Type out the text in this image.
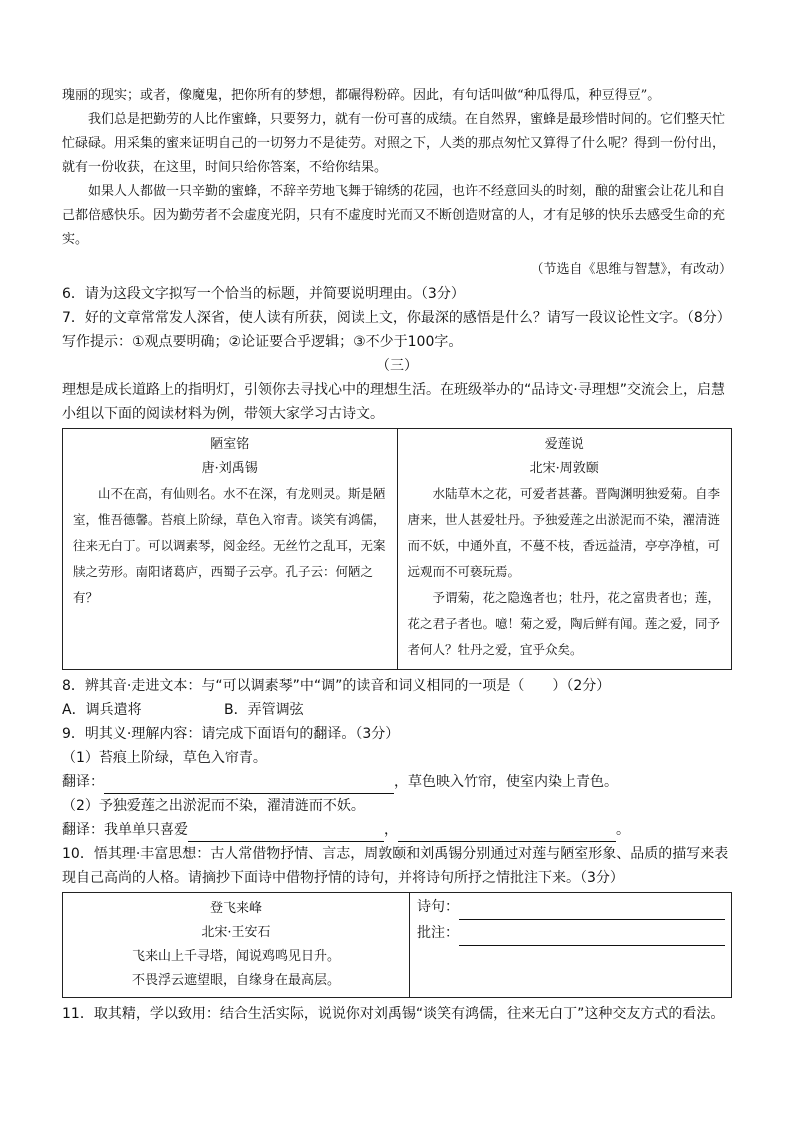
瑰丽的现实；或者，像魔鬼，把你所有的梦想，都碾得粉碎。因此，有句话叫做“种瓜得瓜，种豆得豆”。

我们总是把勤劳的人比作蜜蜂，只要努力，就有一份可喜的成绩。在自然界，蜜蜂是最珍惜时间的。它们整天忙忙碌碌。用采集的蜜来证明自己的一切努力不是徒劳。对照之下，人类的那点匆忙又算得了什么呢？得到一份付出，就有一份收获，在这里，时间只给你答案，不给你结果。

如果人人都做一只辛勤的蜜蜂，不辞辛劳地飞舞于锦绣的花园，也许不经意回头的时刻，酿的甜蜜会让花儿和自己都倍感快乐。因为勤劳者不会虚度光阴，只有不虚度时光而又不断创造财富的人，才有足够的快乐去感受生命的充实。

（节选自《思维与智慧》，有改动）

6．请为这段文字拟写一个恰当的标题，并简要说明理由。（3分）

7．好的文章常常发人深省，使人读有所获，阅读上文，你最深的感悟是什么？请写一段议论性文字。（8分）

写作提示：①观点要明确；②论证要合乎逻辑；③不少于100字。

（三）

理想是成长道路上的指明灯，引领你去寻找心中的理想生活。在班级举办的“品诗文·寻理想”交流会上，启慧小组以下面的阅读材料为例，带领大家学习古诗文。

陋室铭
唐·刘禹锡

山不在高，有仙则名。水不在深，有龙则灵。斯是陋室，惟吾德馨。苔痕上阶绿，草色入帘青。谈笑有鸿儒，往来无白丁。可以调素琴，阅金经。无丝竹之乱耳，无案牍之劳形。南阳诸葛庐，西蜀子云亭。孔子云：何陋之有？

爱莲说
北宋·周敦颐

水陆草木之花，可爱者甚蕃。晋陶渊明独爱菊。自李唐来，世人甚爱牡丹。予独爱莲之出淤泥而不染，濯清涟而不妖，中通外直，不蔓不枝，香远益清，亭亭净植，可远观而不可亵玩焉。

予谓菊，花之隐逸者也；牡丹，花之富贵者也；莲，花之君子者也。噫！菊之爱，陶后鲜有闻。莲之爱，同予者何人？牡丹之爱，宜乎众矣。

8．辨其音·走进文本：与“可以调素琴”中“调”的读音和词义相同的一项是（　　）（2分）

A．调兵遣将	B．弄管调弦

9．明其义·理解内容：请完成下面语句的翻译。（3分）

（1）苔痕上阶绿，草色入帘青。

翻译：	，草色映入竹帘，使室内染上青色。

（2）予独爱莲之出淤泥而不染，濯清涟而不妖。

翻译：我单单只喜爱	，	。

10．悟其理·丰富思想：古人常借物抒情、言志，周敦颐和刘禹锡分别通过对莲与陋室形象、品质的描写来表现自己高尚的人格。请摘抄下面诗中借物抒情的诗句，并将诗句所抒之情批注下来。（3分）

登飞来峰
北宋·王安石
飞来山上千寻塔，闻说鸡鸣见日升。
不畏浮云遮望眼，自缘身在最高层。

诗句：
批注：

11．取其精，学以致用：结合生活实际，说说你对刘禹锡“谈笑有鸿儒，往来无白丁”这种交友方式的看法。
